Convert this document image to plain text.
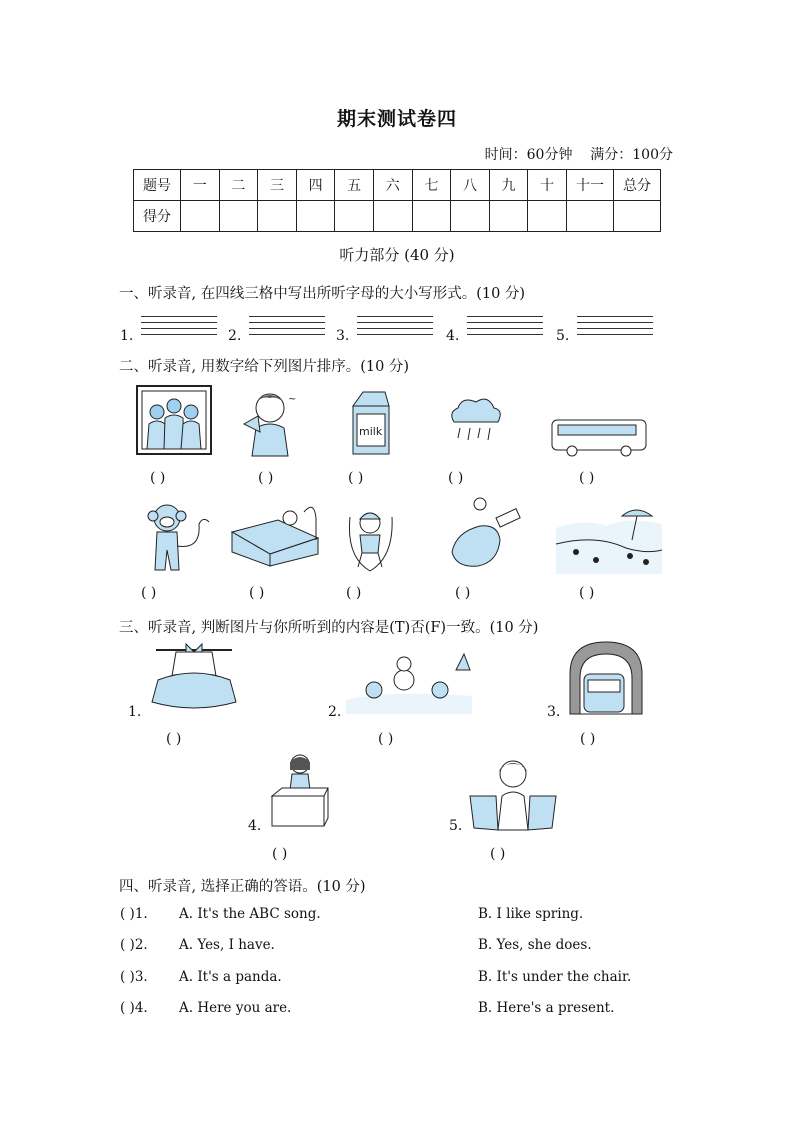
期末测试卷四
时间：60分钟 满分：100分
题号	一	二	三	四	五	六	七	八	九	十	十一	总分
得分												
听力部分 (40 分)
一、听录音, 在四线三格中写出所听字母的大小写形式。(10 分)
1.	2.	3.	4.	5.
二、听录音, 用数字给下列图片排序。(10 分)
~
milk
( )	( )	( )	( )	( )
( )	( )	( )	( )	( )
三、听录音, 判断图片与你所听到的内容是(T)否(F)一致。(10 分)
1.	2.	3.
( )	( )	( )
4.	5.
( )	( )
四、听录音, 选择正确的答语。(10 分)
( )1. A. It's the ABC song.	B. I like spring.
( )2. A. Yes, I have.	B. Yes, she does.
( )3. A. It's a panda.	B. It's under the chair.
( )4. A. Here you are.	B. Here's a present.
